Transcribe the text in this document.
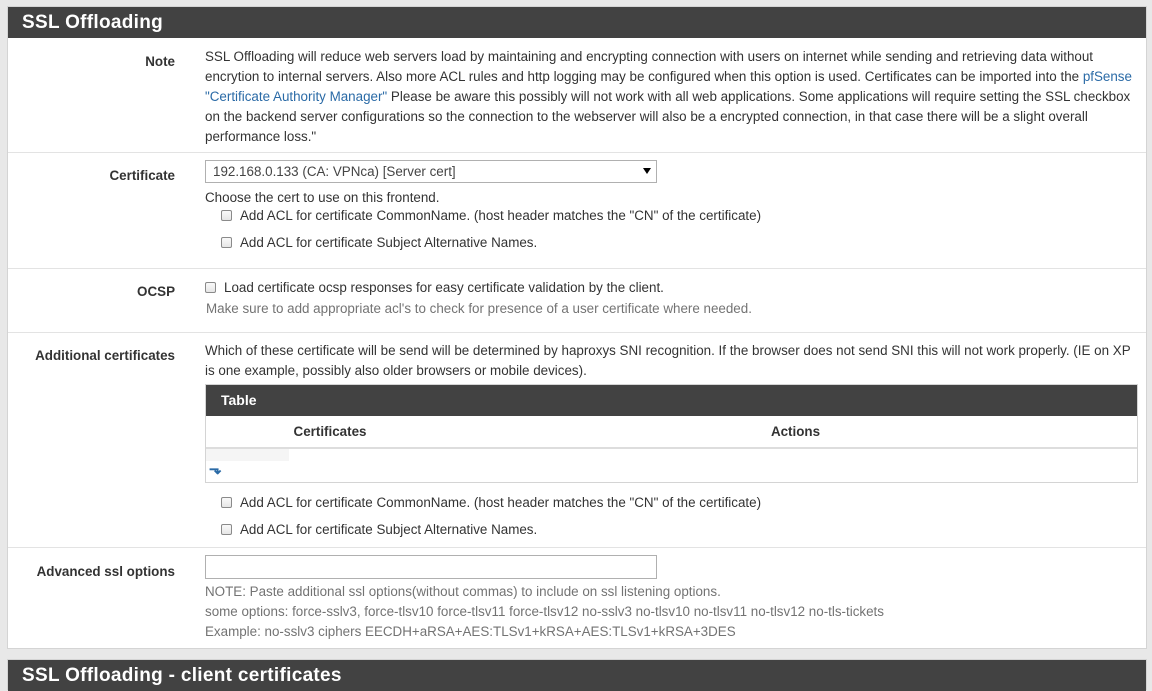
SSL Offloading
Note SSL Offloading will reduce web servers load by maintaining and encrypting connection with users on internet while sending and retrieving data without encrytion to internal servers. Also more ACL rules and http logging may be configured when this option is used. Certificates can be imported into the pfSense "Certificate Authority Manager" Please be aware this possibly will not work with all web applications. Some applications will require setting the SSL checkbox on the backend server configurations so the connection to the webserver will also be a encrypted connection, in that case there will be a slight overall performance loss."
Certificate
192.168.0.133 (CA: VPNca) [Server cert]
Choose the cert to use on this frontend.
Add ACL for certificate CommonName. (host header matches the "CN" of the certificate)
Add ACL for certificate Subject Alternative Names.
OCSP	Load certificate ocsp responses for easy certificate validation by the client.
Make sure to add appropriate acl's to check for presence of a user certificate where needed.
Additional certificates Which of these certificate will be send will be determined by haproxys SNI recognition. If the browser does not send SNI this will not work properly. (IE on XP is one example, possibly also older browsers or mobile devices).
Table
Certificates	Actions
⬎
Add ACL for certificate CommonName. (host header matches the "CN" of the certificate)
Add ACL for certificate Subject Alternative Names.
Advanced ssl options
NOTE: Paste additional ssl options(without commas) to include on ssl listening options.
some options: force-sslv3, force-tlsv10 force-tlsv11 force-tlsv12 no-sslv3 no-tlsv10 no-tlsv11 no-tlsv12 no-tls-tickets
Example: no-sslv3 ciphers EECDH+aRSA+AES:TLSv1+kRSA+AES:TLSv1+kRSA+3DES
SSL Offloading - client certificates
